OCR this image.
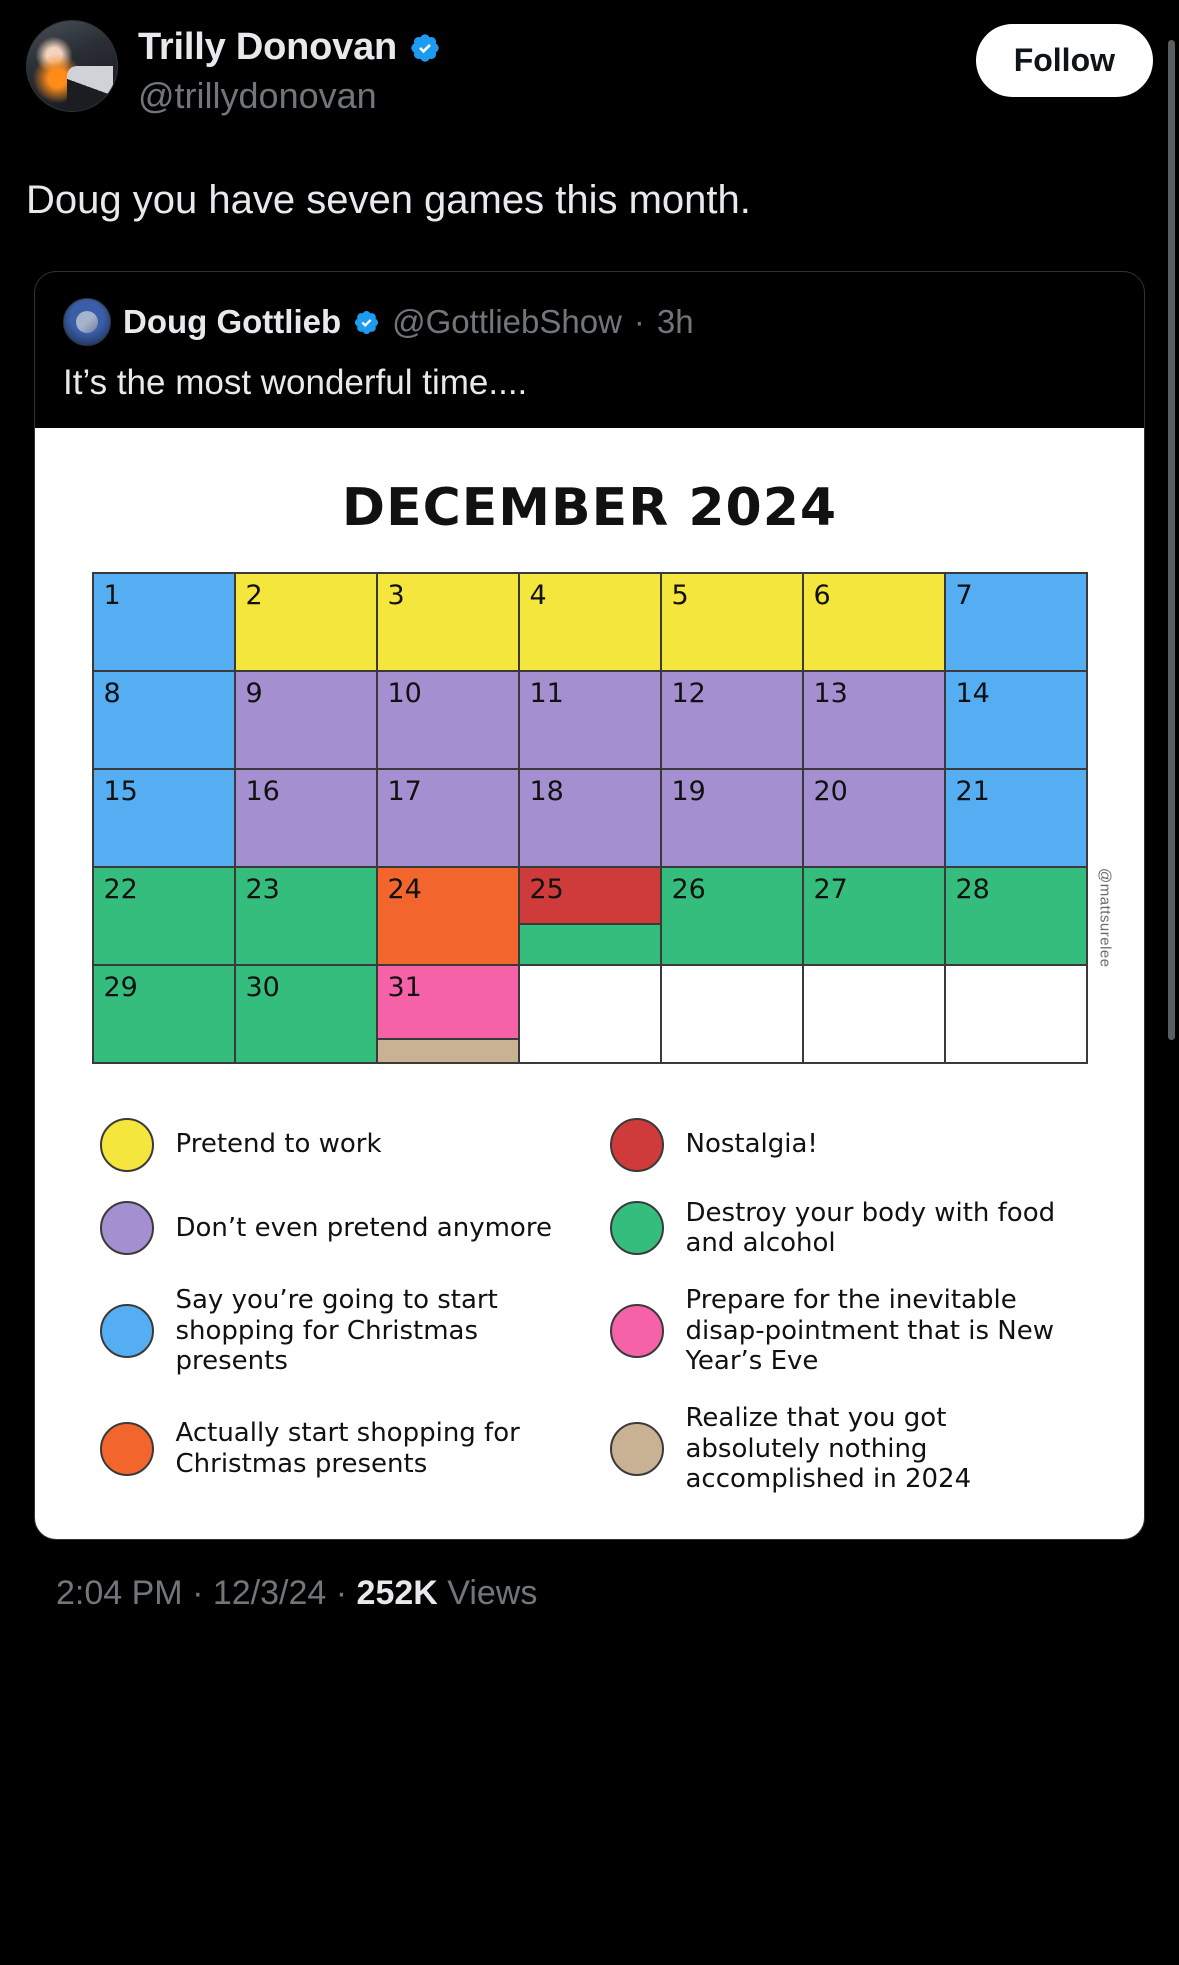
Trilly Donovan
@trillydonovan
Follow
Doug you have seven games this month.
Doug Gottlieb @GottliebShow · 3h
It’s the most wonderful time....
DECEMBER 2024
1	2	3	4	5	6	7
8	9	10	11	12	13	14
15	16	17	18	19	20	21
22	23	24	25	26	27	28
29	30	31				

@mattsurelee
Pretend to work	Nostalgia!
Don’t even pretend anymore
Destroy your body with food and alcohol
Say you’re going to start shopping for Christmas presents
Prepare for the inevitable disap-pointment that is New Year’s Eve
Actually start shopping for Christmas presents
Realize that you got absolutely nothing accomplished in 2024
2:04 PM · 12/3/24 · 252K Views
